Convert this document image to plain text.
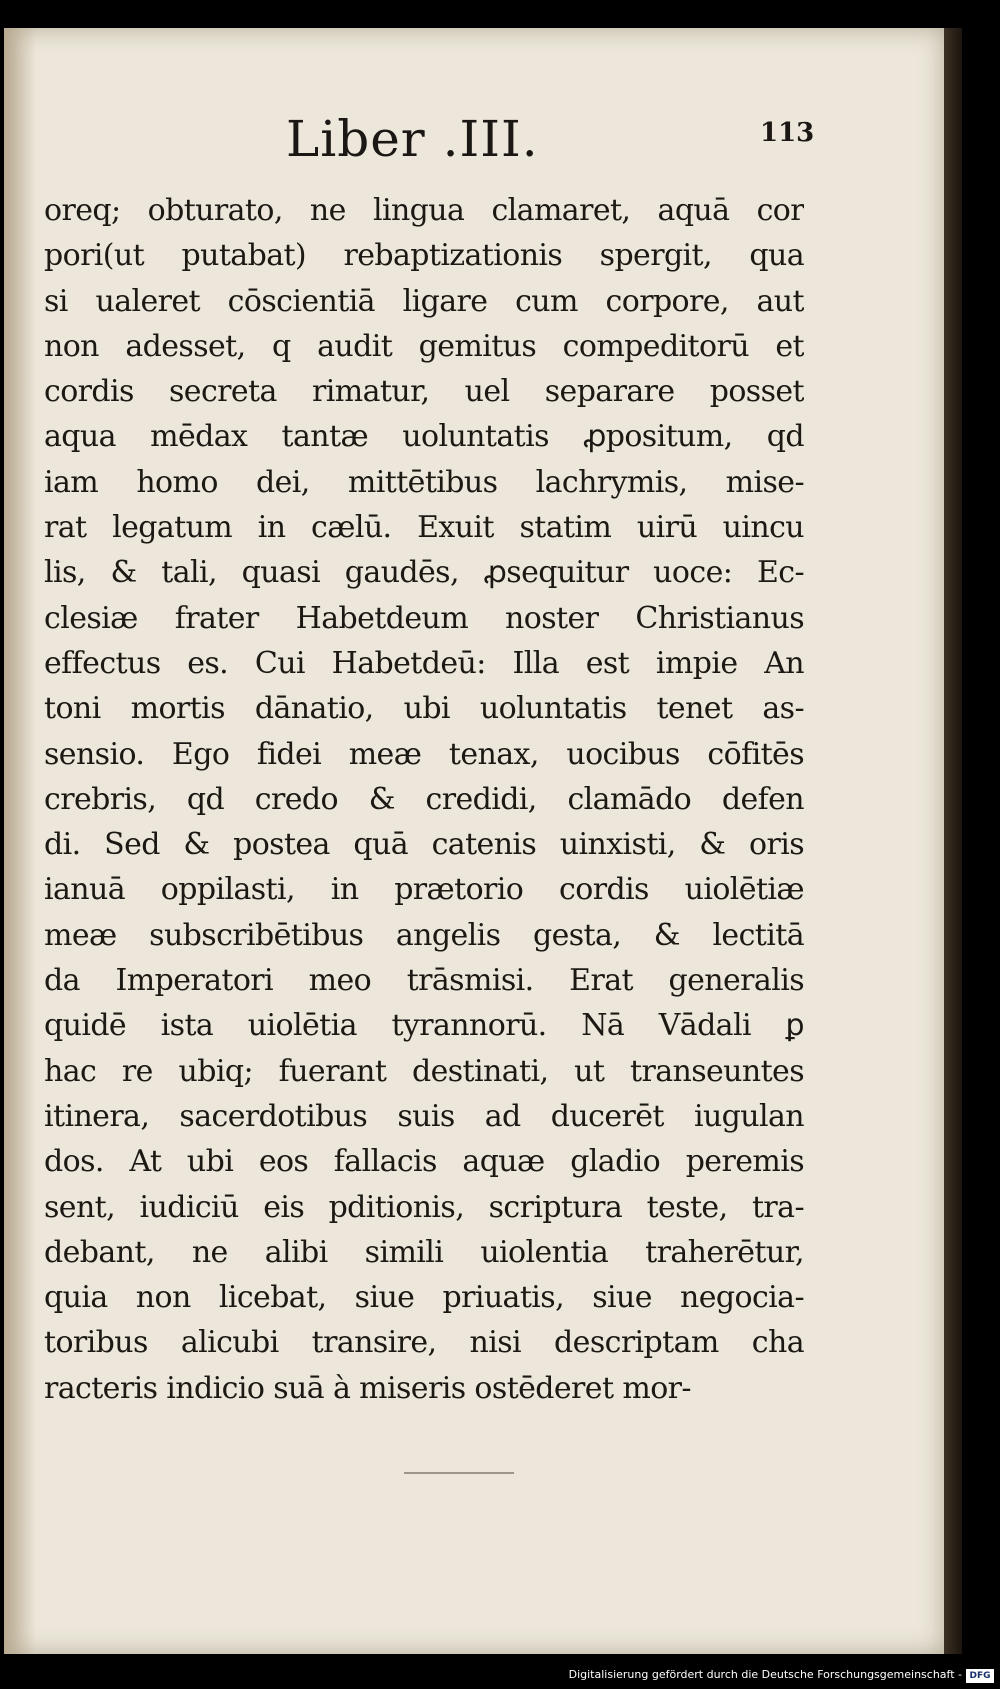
Liber .III.	113
oreq; obturato, ne lingua clamaret, aquā cor
pori(ut putabat) rebaptizationis spergit, qua
si ualeret cōscientiā ligare cum corpore, aut
non adesset, q audit gemitus compeditorū et
cordis secreta rimatur, uel separare posset
aqua mēdax tantæ uoluntatis ꝓpositum, qd
iam homo dei, mittētibus lachrymis, mise-
rat legatum in cælū. Exuit statim uirū uincu
lis, & tali, quasi gaudēs, ꝓsequitur uoce: Ec-
clesiæ frater Habetdeum noster Christianus
effectus es. Cui Habetdeū: Illa est impie An
toni mortis dānatio, ubi uoluntatis tenet as-
sensio. Ego fidei meæ tenax, uocibus cōfitēs
crebris, qd credo & credidi, clamādo defen
di. Sed & postea quā catenis uinxisti, & oris
ianuā oppilasti, in prætorio cordis uiolētiæ
meæ subscribētibus angelis gesta, & lectitā
da Imperatori meo trāsmisi. Erat generalis
quidē ista uiolētia tyrannorū. Nā Vādali ꝑ
hac re ubiq; fuerant destinati, ut transeuntes
itinera, sacerdotibus suis ad ducerēt iugulan
dos. At ubi eos fallacis aquæ gladio peremis
sent, iudiciū eis pditionis, scriptura teste, tra-
debant, ne alibi simili uiolentia traherētur,
quia non licebat, siue priuatis, siue negocia-
toribus alicubi transire, nisi descriptam cha
racteris indicio suā à miseris ostēderet mor-
Digitalisierung gefördert durch die Deutsche Forschungsgemeinschaft - DFG
